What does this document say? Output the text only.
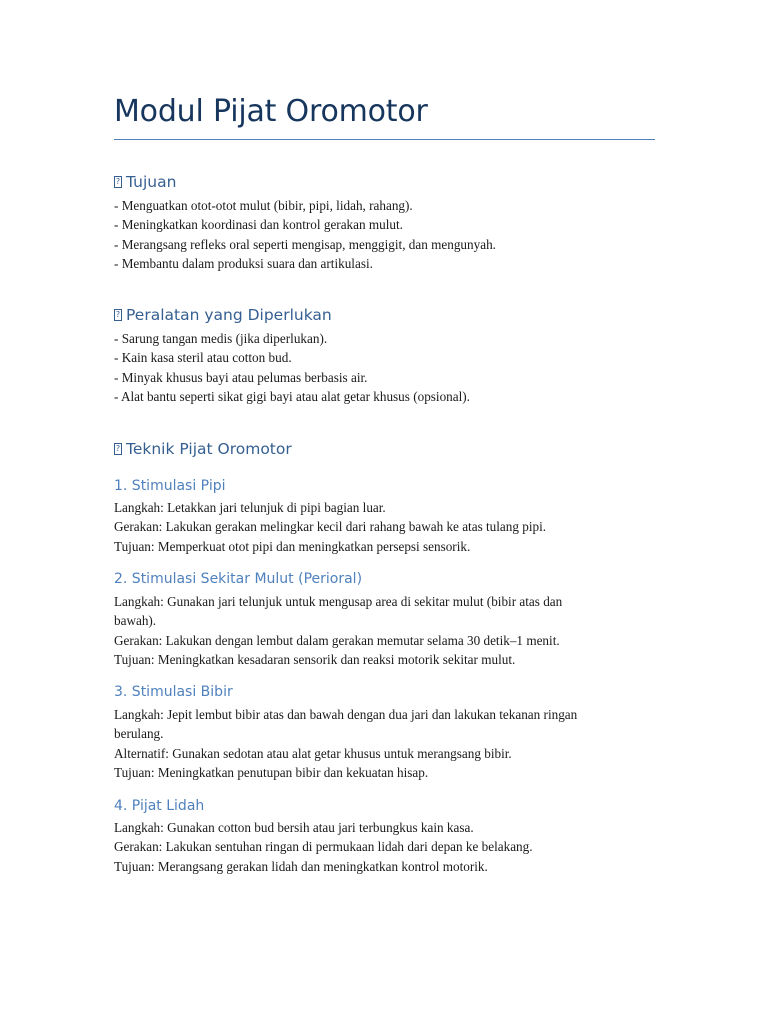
Modul Pijat Oromotor
?Tujuan
- Menguatkan otot-otot mulut (bibir, pipi, lidah, rahang).
- Meningkatkan koordinasi dan kontrol gerakan mulut.
- Merangsang refleks oral seperti mengisap, menggigit, dan mengunyah.
- Membantu dalam produksi suara dan artikulasi.
?Peralatan yang Diperlukan
- Sarung tangan medis (jika diperlukan).
- Kain kasa steril atau cotton bud.
- Minyak khusus bayi atau pelumas berbasis air.
- Alat bantu seperti sikat gigi bayi atau alat getar khusus (opsional).
?Teknik Pijat Oromotor
1. Stimulasi Pipi
Langkah: Letakkan jari telunjuk di pipi bagian luar.
Gerakan: Lakukan gerakan melingkar kecil dari rahang bawah ke atas tulang pipi.
Tujuan: Memperkuat otot pipi dan meningkatkan persepsi sensorik.
2. Stimulasi Sekitar Mulut (Perioral)
Langkah: Gunakan jari telunjuk untuk mengusap area di sekitar mulut (bibir atas dan
bawah).
Gerakan: Lakukan dengan lembut dalam gerakan memutar selama 30 detik–1 menit.
Tujuan: Meningkatkan kesadaran sensorik dan reaksi motorik sekitar mulut.
3. Stimulasi Bibir
Langkah: Jepit lembut bibir atas dan bawah dengan dua jari dan lakukan tekanan ringan
berulang.
Alternatif: Gunakan sedotan atau alat getar khusus untuk merangsang bibir.
Tujuan: Meningkatkan penutupan bibir dan kekuatan hisap.
4. Pijat Lidah
Langkah: Gunakan cotton bud bersih atau jari terbungkus kain kasa.
Gerakan: Lakukan sentuhan ringan di permukaan lidah dari depan ke belakang.
Tujuan: Merangsang gerakan lidah dan meningkatkan kontrol motorik.
